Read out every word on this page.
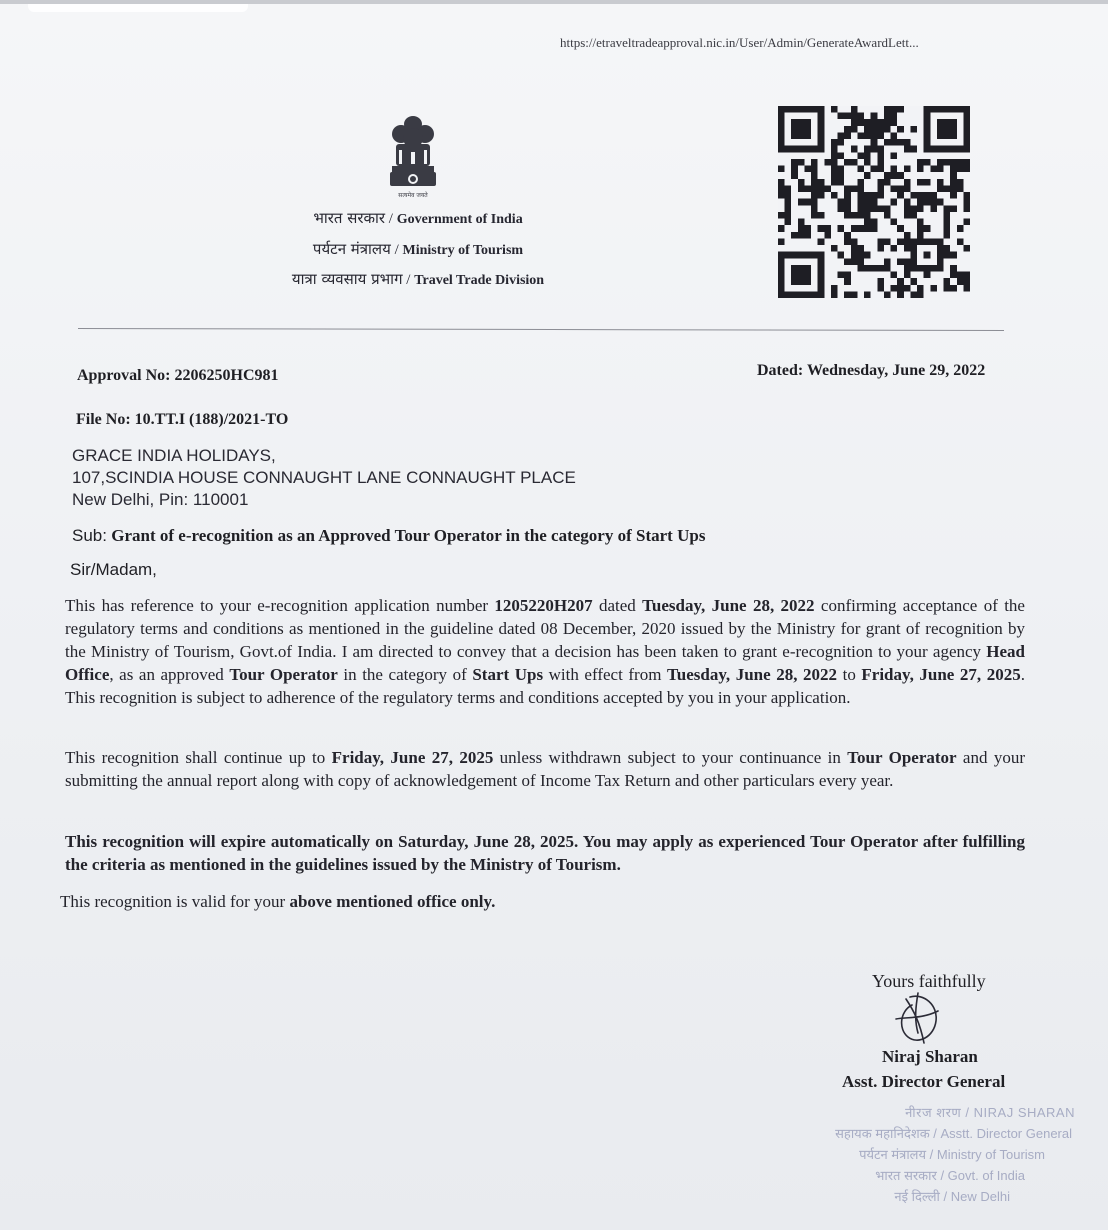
https://etraveltradeapproval.nic.in/User/Admin/GenerateAwardLett...
सत्यमेव जयते
भारत सरकार / Government of India
पर्यटन मंत्रालय / Ministry of Tourism
यात्रा व्यवसाय प्रभाग / Travel Trade Division
Approval No: 2206250HC981	Dated: Wednesday, June 29, 2022
File No: 10.TT.I (188)/2021-TO
GRACE INDIA HOLIDAYS,
107,SCINDIA HOUSE CONNAUGHT LANE CONNAUGHT PLACE
New Delhi, Pin: 110001
Sub: Grant of e-recognition as an Approved Tour Operator in the category of Start Ups
Sir/Madam,
This has reference to your e-recognition application number 1205220H207 dated Tuesday, June 28, 2022 confirming acceptance of the regulatory terms and conditions as mentioned in the guideline dated 08 December, 2020 issued by the Ministry for grant of recognition by the Ministry of Tourism, Govt.of India. I am directed to convey that a decision has been taken to grant e-recognition to your agency Head Office, as an approved Tour Operator in the category of Start Ups with effect from Tuesday, June 28, 2022 to Friday, June 27, 2025. This recognition is subject to adherence of the regulatory terms and conditions accepted by you in your application.
This recognition shall continue up to Friday, June 27, 2025 unless withdrawn subject to your continuance in Tour Operator and your submitting the annual report along with copy of acknowledgement of Income Tax Return and other particulars every year.
This recognition will expire automatically on Saturday, June 28, 2025. You may apply as experienced Tour Operator after fulfilling the criteria as mentioned in the guidelines issued by the Ministry of Tourism.
This recognition is valid for your above mentioned office only.
Yours faithfully
Niraj Sharan
Asst. Director General
नीरज शरण / NIRAJ SHARAN
सहायक महानिदेशक / Asstt. Director General
पर्यटन मंत्रालय / Ministry of Tourism
भारत सरकार / Govt. of India
नई दिल्ली / New Delhi
